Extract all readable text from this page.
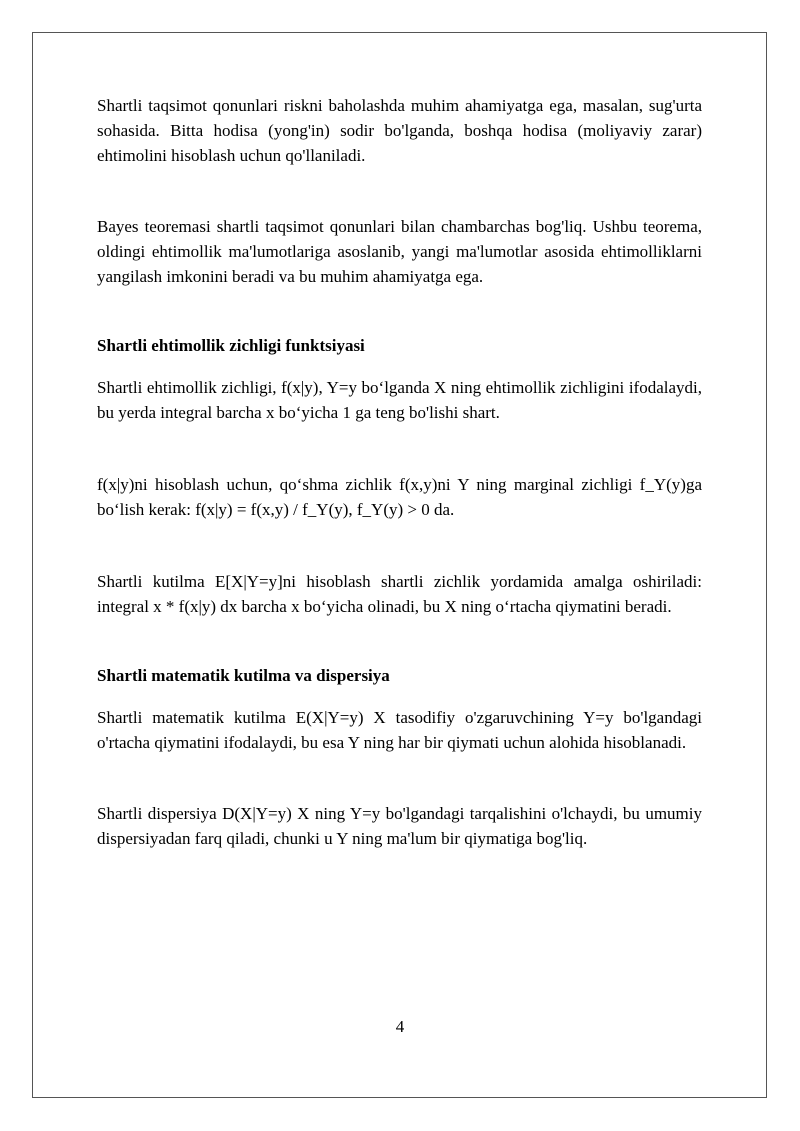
Shartli taqsimot qonunlari riskni baholashda muhim ahamiyatga ega, masalan, sug'urta sohasida. Bitta hodisa (yong'in) sodir bo'lganda, boshqa hodisa (moliyaviy zarar) ehtimolini hisoblash uchun qo'llaniladi.

Bayes teoremasi shartli taqsimot qonunlari bilan chambarchas bog'liq. Ushbu teorema, oldingi ehtimollik ma'lumotlariga asoslanib, yangi ma'lumotlar asosida ehtimolliklarni yangilash imkonini beradi va bu muhim ahamiyatga ega.

Shartli ehtimollik zichligi funktsiyasi

Shartli ehtimollik zichligi, f(x|y), Y=y bo‘lganda X ning ehtimollik zichligini ifodalaydi, bu yerda integral barcha x bo‘yicha 1 ga teng bo'lishi shart.

f(x|y)ni hisoblash uchun, qo‘shma zichlik f(x,y)ni Y ning marginal zichligi f_Y(y)ga bo‘lish kerak: f(x|y) = f(x,y) / f_Y(y), f_Y(y) > 0 da.

Shartli kutilma E[X|Y=y]ni hisoblash shartli zichlik yordamida amalga oshiriladi: integral x * f(x|y) dx barcha x bo‘yicha olinadi, bu X ning o‘rtacha qiymatini beradi.

Shartli matematik kutilma va dispersiya

Shartli matematik kutilma E(X|Y=y) X tasodifiy o'zgaruvchining Y=y bo'lgandagi o'rtacha qiymatini ifodalaydi, bu esa Y ning har bir qiymati uchun alohida hisoblanadi.

Shartli dispersiya D(X|Y=y) X ning Y=y bo'lgandagi tarqalishini o'lchaydi, bu umumiy dispersiyadan farq qiladi, chunki u Y ning ma'lum bir qiymatiga bog'liq.

4
